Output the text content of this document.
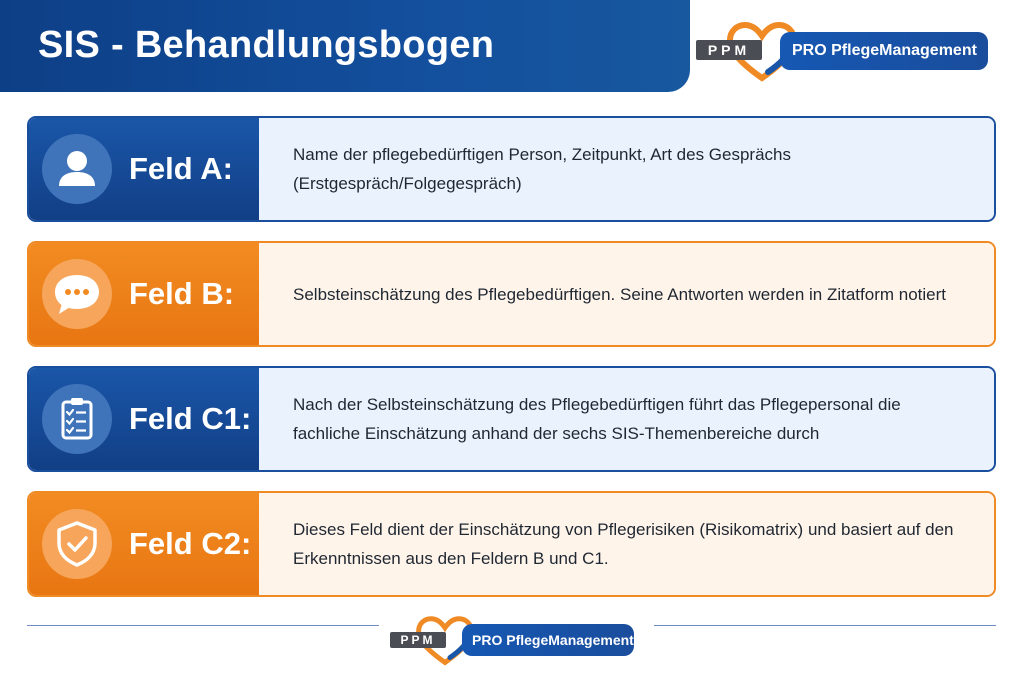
SIS - Behandlungsbogen	PPM	PRO PflegeManagement
Feld A:	Name der pflegebedürftigen Person, Zeitpunkt, Art des Gesprächs (Erstgespräch/Folgegespräch)
Feld B:	Selbsteinschätzung des Pflegebedürftigen. Seine Antworten werden in Zitatform notiert
Feld C1: Nach der Selbsteinschätzung des Pflegebedürftigen führt das Pflegepersonal die fachliche Einschätzung anhand der sechs SIS-Themenbereiche durch
Feld C2: Dieses Feld dient der Einschätzung von Pflegerisiken (Risikomatrix) und basiert auf den Erkenntnissen aus den Feldern B und C1.
PPM	PRO PflegeManagement
